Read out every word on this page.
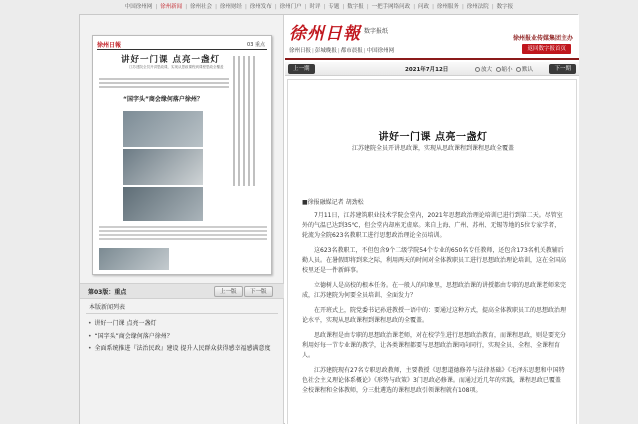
中国徐州网 | 徐州新闻 | 徐州社会 | 徐州财经 | 徐州发布 | 徐州门户 | 时评 | 专题 | 数字报 | 一把手网络问政 | 问政 | 徐州服务 | 徐州法院 | 数字报
徐州日報	03 重点
讲好一门课 点亮一盏灯
江苏建院全员开讲思政课，实现从思政课程到课程思政全覆盖
“国字头”商会缘何落户徐州？
第03版：重点	上一版	下一版
本版新闻列表
• 讲好一门课 点亮一盏灯
• “国字头”商会缘何落户徐州？
• 全面系统推进『法治民政』建设 提升人民群众获得感幸福感满意度
徐州日報 数字报纸
徐州报业传媒集团主办
徐州日报|彭城晚报|都市晨报|中国徐州网	返回数字报首页
上一期	2021年7月12日	放大 缩小 默认	下一期
讲好一门课 点亮一盏灯
江苏建院全员开讲思政课，实现从思政课程到课程思政全覆盖
■徐报融媒记者 胡劲松

7月11日，江苏建筑职业技术学院会堂内，2021年思想政治理论培训已进行到第二天。尽管室外的气温已达到35℃，但会堂内却座无虚席。来自上海、广州、苏州、无锡等地的5位专家学者，轮流为全院623名教职工进行思想政治理论全员培训。

这623名教职工，不但包含9个二级学院54个专业的650名专任教师，还包含173名机关教辅后勤人员。在暑假即将到来之际，利用两天的时间对全体教职员工进行思想政治理论培训，这在全国高校里还是一件新鲜事。

立德树人是高校的根本任务。在一般人的印象里，思想政治课的讲授都由专职的思政课老师来完成，江苏建院为何要全员培训、全面发力？

在开班式上，院党委书记孙进教授一语中的：要通过这种方式，提高全体教职员工的思想政治理论水平，实现从思政课程到课程思政的全覆盖。

思政课程是由专职的思想政治课老师，对在校学生进行思想政治教育，而课程思政，则是要充分利用好每一节专业课的教学，让各类课程都要与思想政治课同向同行，实现全员、全程、全课程育人。

江苏建院现有27名专职思政教师，主要教授《思想道德修养与法律基础》《毛泽东思想和中国特色社会主义理论体系概论》《形势与政策》3门思政必修课。而通过近几年的实践，课程思政已覆盖全校课程和全体教师，分三批遴选的课程思政引领课程就有108项。
